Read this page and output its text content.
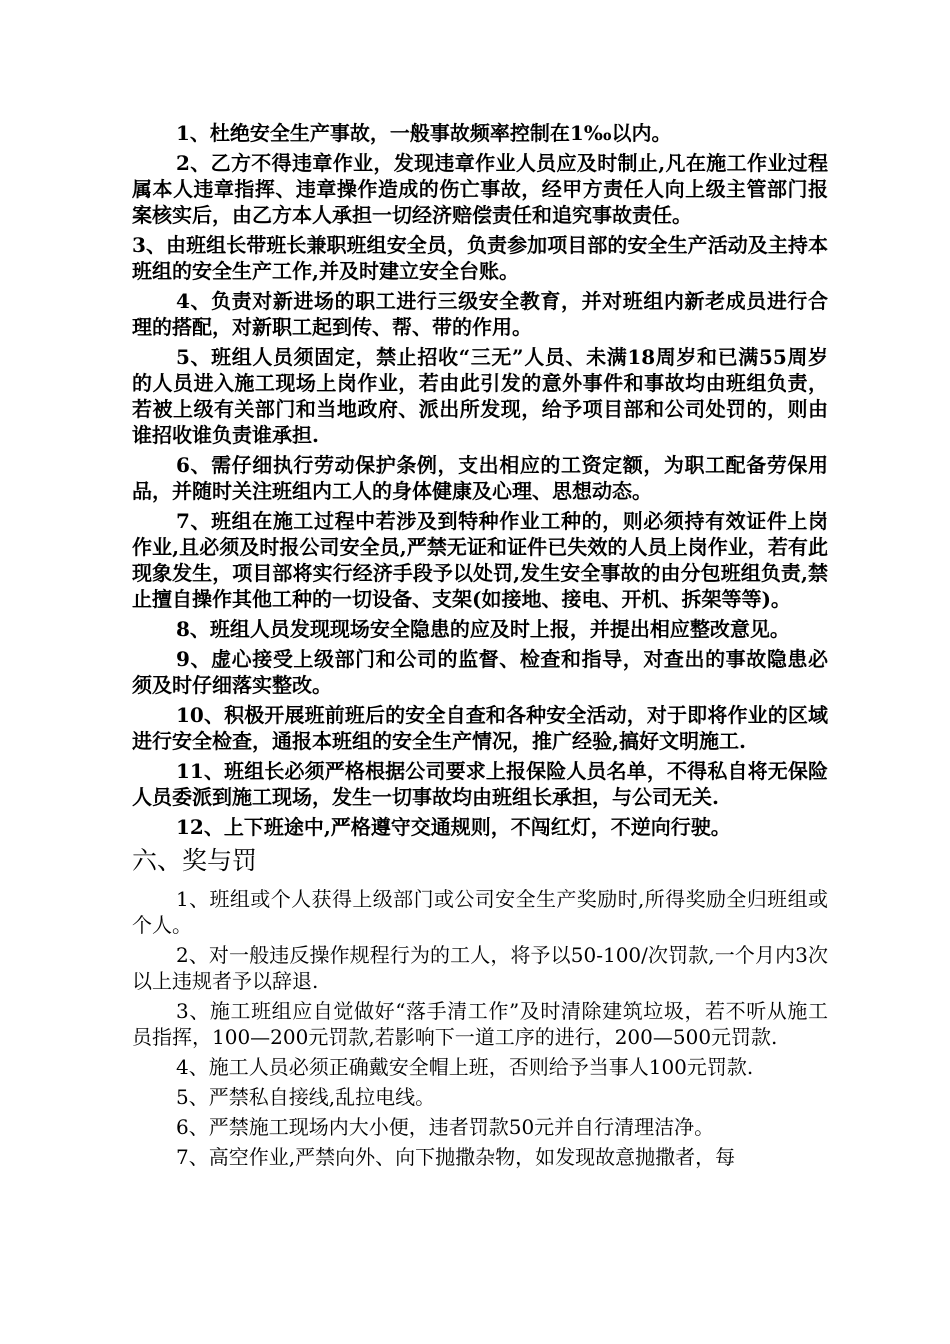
1、杜绝安全生产事故，一般事故频率控制在1‰以内。

2、乙方不得违章作业，发现违章作业人员应及时制止,凡在施工作业过程属本人违章指挥、违章操作造成的伤亡事故，经甲方责任人向上级主管部门报案核实后，由乙方本人承担一切经济赔偿责任和追究事故责任。

3、由班组长带班长兼职班组安全员，负责参加项目部的安全生产活动及主持本班组的安全生产工作,并及时建立安全台账。

4、负责对新进场的职工进行三级安全教育，并对班组内新老成员进行合理的搭配，对新职工起到传、帮、带的作用。

5、班组人员须固定，禁止招收“三无”人员、未满18周岁和已满55周岁的人员进入施工现场上岗作业，若由此引发的意外事件和事故均由班组负责，若被上级有关部门和当地政府、派出所发现，给予项目部和公司处罚的，则由谁招收谁负责谁承担.

6、需仔细执行劳动保护条例，支出相应的工资定额，为职工配备劳保用品，并随时关注班组内工人的身体健康及心理、思想动态。

7、班组在施工过程中若涉及到特种作业工种的，则必须持有效证件上岗作业,且必须及时报公司安全员,严禁无证和证件已失效的人员上岗作业，若有此现象发生，项目部将实行经济手段予以处罚,发生安全事故的由分包班组负责,禁止擅自操作其他工种的一切设备、支架(如接地、接电、开机、拆架等等)。

8、班组人员发现现场安全隐患的应及时上报，并提出相应整改意见。

9、虚心接受上级部门和公司的监督、检查和指导，对查出的事故隐患必须及时仔细落实整改。

10、积极开展班前班后的安全自查和各种安全活动，对于即将作业的区域进行安全检查，通报本班组的安全生产情况，推广经验,搞好文明施工.

11、班组长必须严格根据公司要求上报保险人员名单，不得私自将无保险人员委派到施工现场，发生一切事故均由班组长承担，与公司无关.

12、上下班途中,严格遵守交通规则，不闯红灯，不逆向行驶。

六、奖与罚

1、班组或个人获得上级部门或公司安全生产奖励时,所得奖励全归班组或个人。

2、对一般违反操作规程行为的工人，将予以50-100/次罚款,一个月内3次以上违规者予以辞退.

3、施工班组应自觉做好“落手清工作”及时清除建筑垃圾，若不听从施工员指挥，100—200元罚款,若影响下一道工序的进行，200—500元罚款.

4、施工人员必须正确戴安全帽上班，否则给予当事人100元罚款.

5、严禁私自接线,乱拉电线。

6、严禁施工现场内大小便，违者罚款50元并自行清理洁净。

7、高空作业,严禁向外、向下抛撒杂物，如发现故意抛撒者，每
